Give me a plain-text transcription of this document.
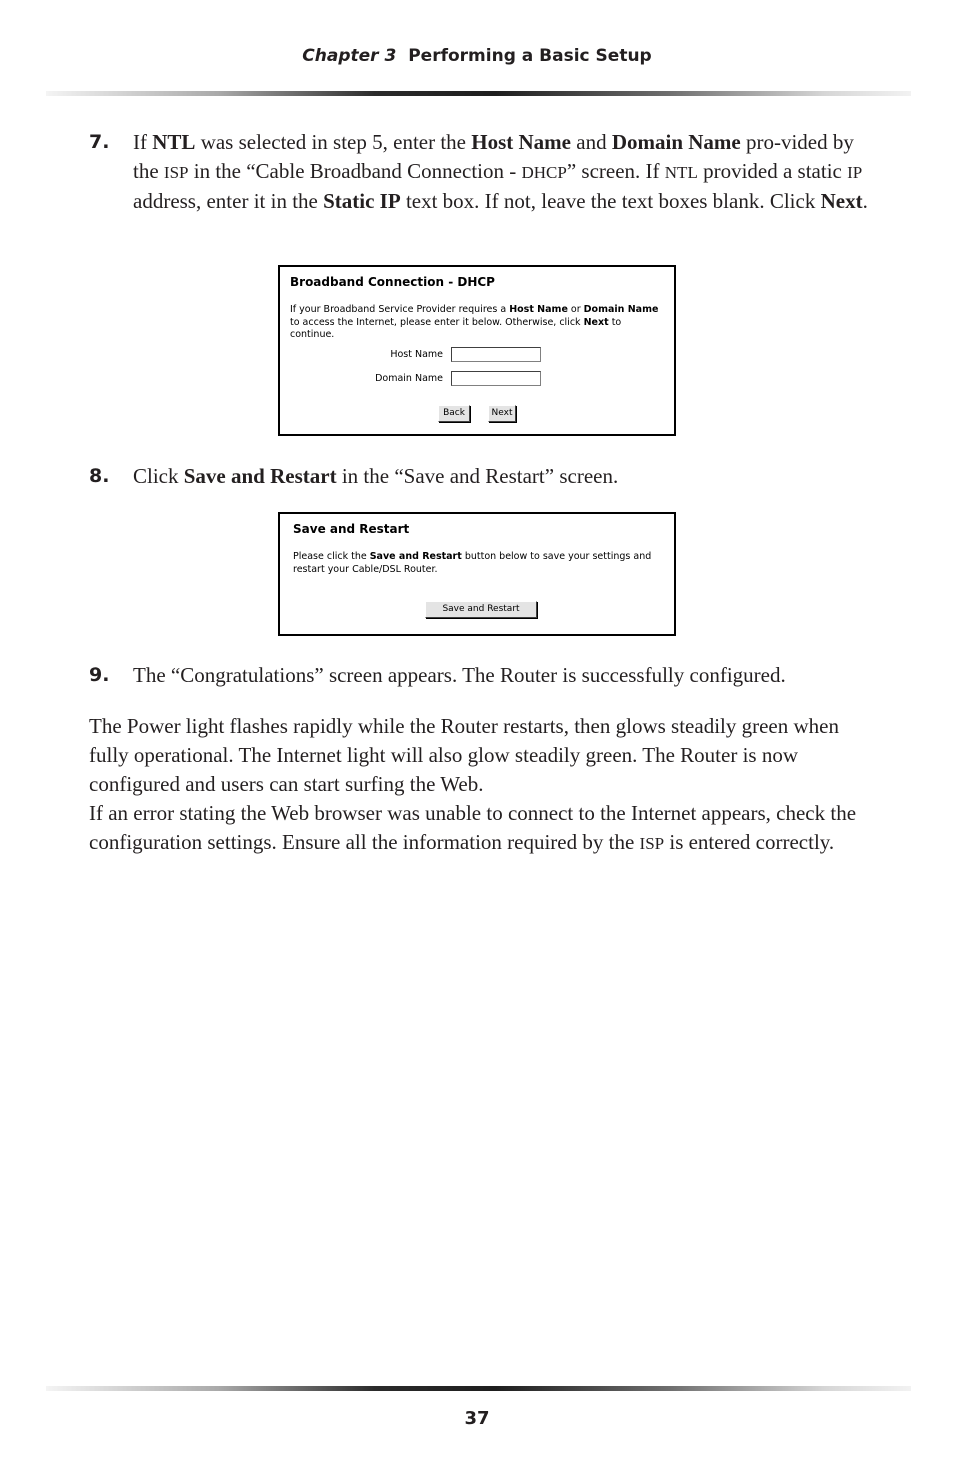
Chapter 3 Performing a Basic Setup
7. If NTL was selected in step 5, enter the Host Name and Domain Name pro-vided by the ISP in the “Cable Broadband Connection - DHCP” screen. If NTL provided a static IP address, enter it in the Static IP text box. If not, leave the text boxes blank. Click Next.
Broadband Connection - DHCP
If your Broadband Service Provider requires a Host Name or Domain Name to access the Internet, please enter it below. Otherwise, click Next to continue.
Host Name
Domain Name
Back	Next
8. Click Save and Restart in the “Save and Restart” screen.
Save and Restart
Please click the Save and Restart button below to save your settings and restart your Cable/DSL Router.
Save and Restart
9. The “Congratulations” screen appears. The Router is successfully configured.
The Power light flashes rapidly while the Router restarts, then glows steadily green when fully operational. The Internet light will also glow steadily green. The Router is now configured and users can start surfing the Web.
If an error stating the Web browser was unable to connect to the Internet appears, check the configuration settings. Ensure all the information required by the ISP is entered correctly.
37
